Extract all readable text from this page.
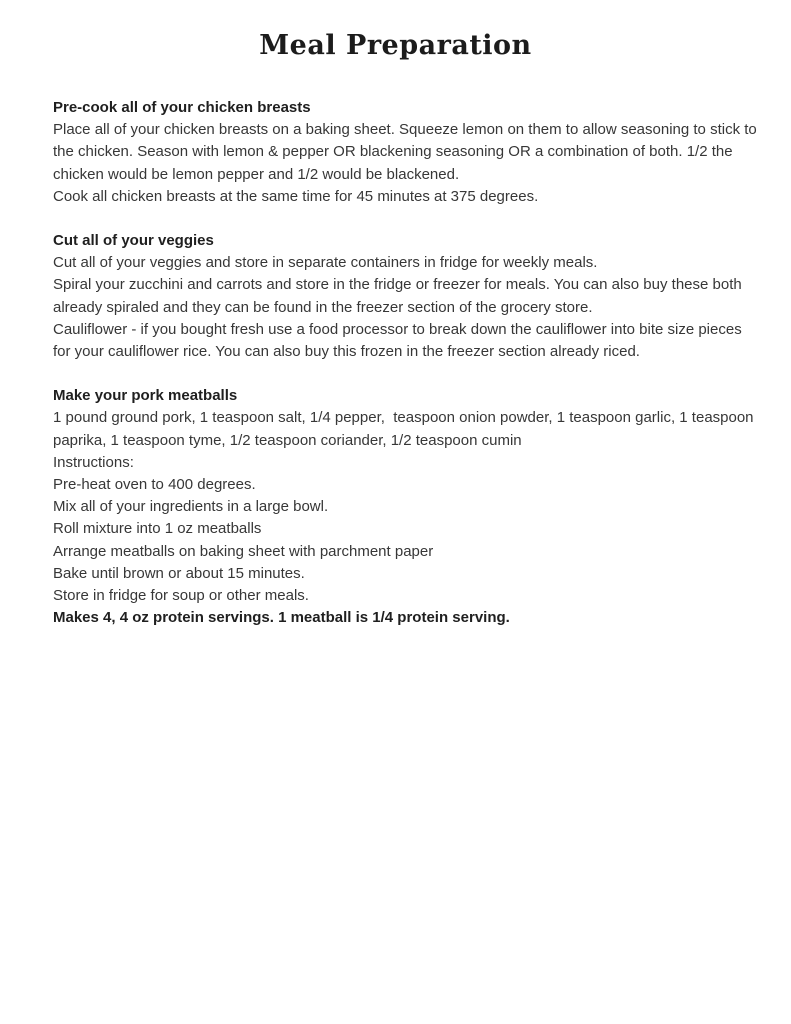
Meal Preparation

Pre-cook all of your chicken breasts

Place all of your chicken breasts on a baking sheet. Squeeze lemon on them to allow seasoning to stick to the chicken. Season with lemon & pepper OR blackening seasoning OR a combination of both. 1/2 the chicken would be lemon pepper and 1/2 would be blackened.

Cook all chicken breasts at the same time for 45 minutes at 375 degrees.

Cut all of your veggies

Cut all of your veggies and store in separate containers in fridge for weekly meals.

Spiral your zucchini and carrots and store in the fridge or freezer for meals. You can also buy these both already spiraled and they can be found in the freezer section of the grocery store.

Cauliflower - if you bought fresh use a food processor to break down the cauliflower into bite size pieces for your cauliflower rice. You can also buy this frozen in the freezer section already riced.

Make your pork meatballs

1 pound ground pork, 1 teaspoon salt, 1/4 pepper,  teaspoon onion powder, 1 teaspoon garlic, 1 teaspoon paprika, 1 teaspoon tyme, 1/2 teaspoon coriander, 1/2 teaspoon cumin

Instructions:

Pre-heat oven to 400 degrees.

Mix all of your ingredients in a large bowl.

Roll mixture into 1 oz meatballs

Arrange meatballs on baking sheet with parchment paper

Bake until brown or about 15 minutes.

Store in fridge for soup or other meals.

Makes 4, 4 oz protein servings. 1 meatball is 1/4 protein serving.
